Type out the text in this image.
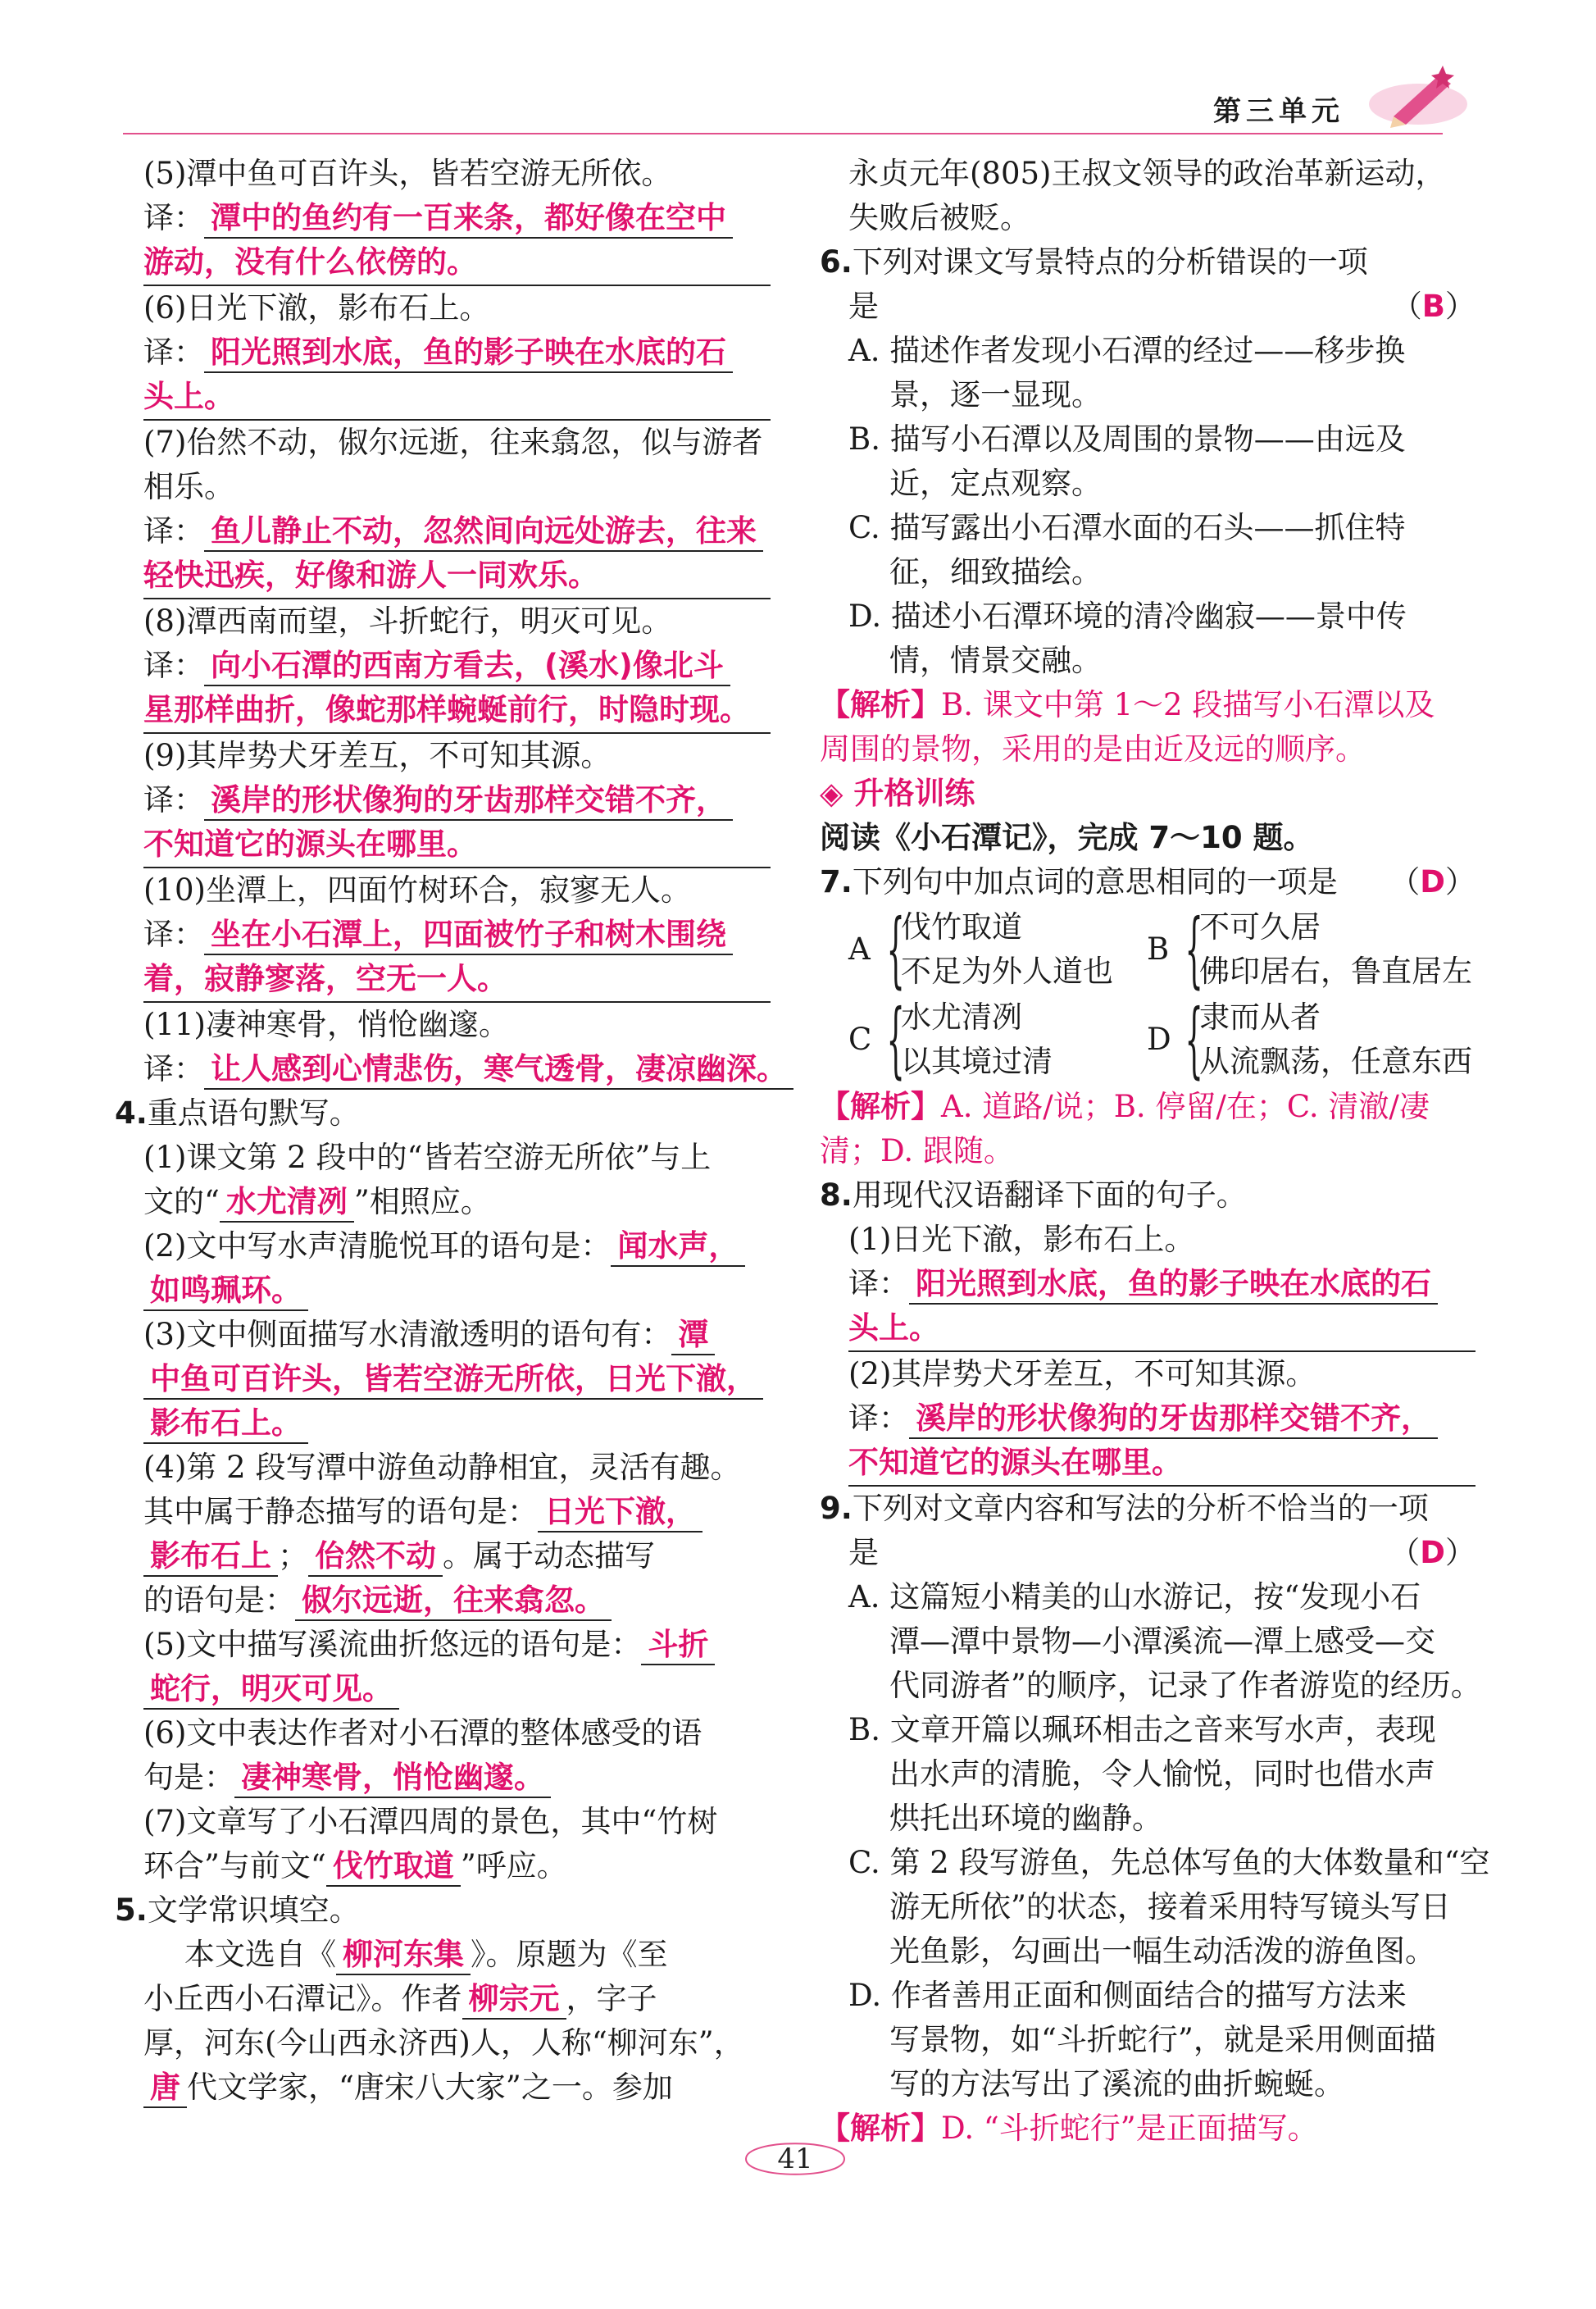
第三单元
(5)潭中鱼可百许头，皆若空游无所依。
译： 潭中的鱼约有一百来条，都好像在空中
游动，没有什么依傍的。
(6)日光下澈，影布石上。
译： 阳光照到水底，鱼的影子映在水底的石
头上。
(7)佁然不动，俶尔远逝，往来翕忽，似与游者
相乐。
译： 鱼儿静止不动，忽然间向远处游去，往来
轻快迅疾，好像和游人一同欢乐。
(8)潭西南而望，斗折蛇行，明灭可见。
译： 向小石潭的西南方看去，(溪水)像北斗
星那样曲折，像蛇那样蜿蜒前行，时隐时现。
(9)其岸势犬牙差互，不可知其源。
译： 溪岸的形状像狗的牙齿那样交错不齐，
不知道它的源头在哪里。
(10)坐潭上，四面竹树环合，寂寥无人。
译： 坐在小石潭上，四面被竹子和树木围绕
着，寂静寥落，空无一人。
(11)凄神寒骨，悄怆幽邃。
译： 让人感到心情悲伤，寒气透骨，凄凉幽深。
4.重点语句默写。
(1)课文第 2 段中的“皆若空游无所依”与上
文的“ 水尤清冽 ”相照应。
(2)文中写水声清脆悦耳的语句是： 闻水声，
如鸣珮环。
(3)文中侧面描写水清澈透明的语句有： 潭
中鱼可百许头，皆若空游无所依，日光下澈，
影布石上。
(4)第 2 段写潭中游鱼动静相宜，灵活有趣。
其中属于静态描写的语句是： 日光下澈，
影布石上 ； 佁然不动 。属于动态描写
的语句是： 俶尔远逝，往来翕忽。
(5)文中描写溪流曲折悠远的语句是： 斗折
蛇行，明灭可见。
(6)文中表达作者对小石潭的整体感受的语
句是： 凄神寒骨，悄怆幽邃。
(7)文章写了小石潭四周的景色，其中“竹树
环合”与前文“ 伐竹取道 ”呼应。
5.文学常识填空。
本文选自《 柳河东集 》。原题为《至
小丘西小石潭记》。作者 柳宗元 ，字子
厚，河东(今山西永济西)人，人称“柳河东”，
唐 代文学家，“唐宋八大家”之一。参加
永贞元年(805)王叔文领导的政治革新运动，
失败后被贬。
6.下列对课文写景特点的分析错误的一项
是	（B）
A. 描述作者发现小石潭的经过——移步换
景，逐一显现。
B. 描写小石潭以及周围的景物——由远及
近，定点观察。
C. 描写露出小石潭水面的石头——抓住特
征，细致描绘。
D. 描述小石潭环境的清冷幽寂——景中传
情，情景交融。
【解析】B. 课文中第 1～2 段描写小石潭以及
周围的景物，采用的是由近及远的顺序。
◈ 升格训练
阅读《小石潭记》，完成 7～10 题。
7.下列句中加点词的意思相同的一项是 （D）
A {
伐竹取道
不足为外人道也
B {
不可久居
佛印居右，鲁直居左
C {
水尤清冽
以其境过清
D {
隶而从者
从流飘荡，任意东西
【解析】A. 道路/说；B. 停留/在；C. 清澈/凄
清；D. 跟随。
8.用现代汉语翻译下面的句子。
(1)日光下澈，影布石上。
译： 阳光照到水底，鱼的影子映在水底的石
头上。
(2)其岸势犬牙差互，不可知其源。
译： 溪岸的形状像狗的牙齿那样交错不齐，
不知道它的源头在哪里。
9.下列对文章内容和写法的分析不恰当的一项
是	（D）
A. 这篇短小精美的山水游记，按“发现小石
潭—潭中景物—小潭溪流—潭上感受—交
代同游者”的顺序，记录了作者游览的经历。
B. 文章开篇以珮环相击之音来写水声，表现
出水声的清脆，令人愉悦，同时也借水声
烘托出环境的幽静。
C. 第 2 段写游鱼，先总体写鱼的大体数量和“空
游无所依”的状态，接着采用特写镜头写日
光鱼影，勾画出一幅生动活泼的游鱼图。
D. 作者善用正面和侧面结合的描写方法来
写景物，如“斗折蛇行”，就是采用侧面描
写的方法写出了溪流的曲折蜿蜒。
【解析】D. “斗折蛇行”是正面描写。
41
